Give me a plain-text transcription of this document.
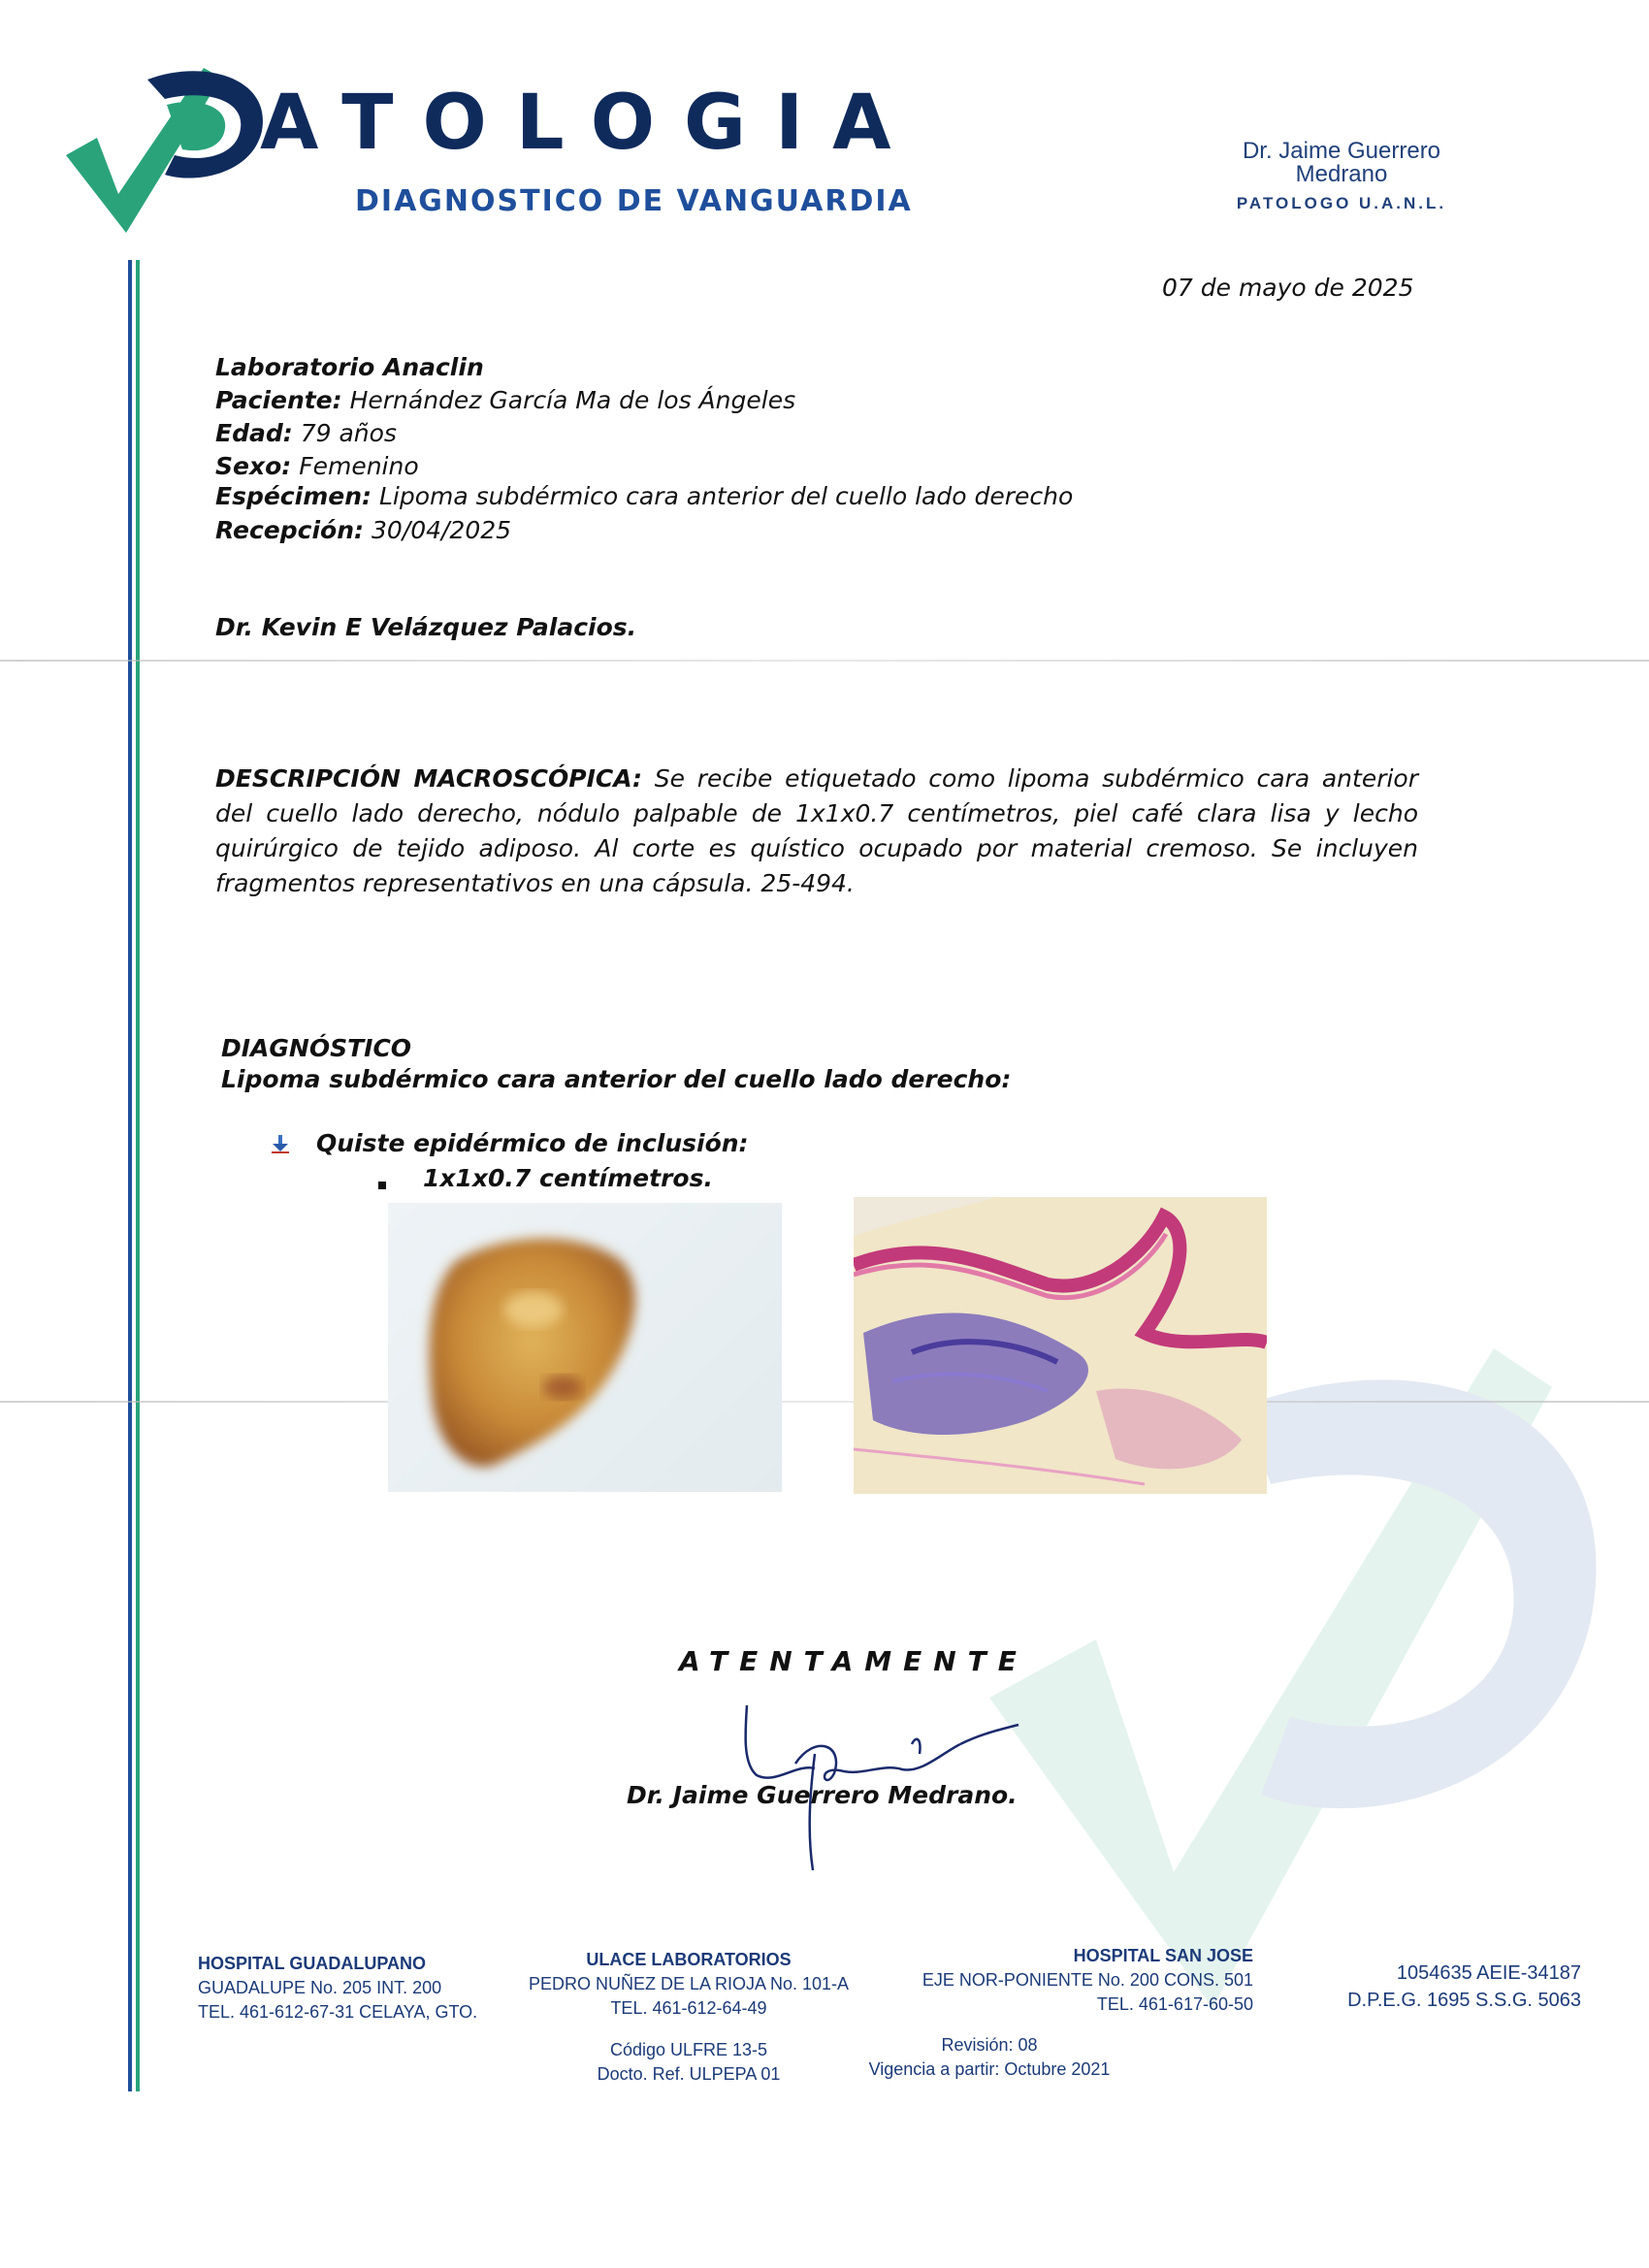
ATOLOGIA
DIAGNOSTICO DE VANGUARDIA
Dr. Jaime Guerrero
Medrano
PATOLOGO U.A.N.L.
07 de mayo de 2025
Laboratorio Anaclin
Paciente: Hernández García Ma de los Ángeles
Edad: 79 años
Sexo: Femenino
Espécimen: Lipoma subdérmico cara anterior del cuello lado derecho
Recepción: 30/04/2025
Dr. Kevin E Velázquez Palacios.
DESCRIPCIÓN MACROSCÓPICA: Se recibe etiquetado como lipoma subdérmico cara anterior del cuello lado derecho, nódulo palpable de 1x1x0.7 centímetros, piel café clara lisa y lecho quirúrgico de tejido adiposo. Al corte es quístico ocupado por material cremoso. Se incluyen fragmentos representativos en una cápsula. 25-494.
DIAGNÓSTICO
Lipoma subdérmico cara anterior del cuello lado derecho:
Quiste epidérmico de inclusión:
1x1x0.7 centímetros.
ATENTAMENTE
Dr. Jaime Guerrero Medrano.
HOSPITAL GUADALUPANO
GUADALUPE No. 205 INT. 200
TEL. 461-612-67-31 CELAYA, GTO.
ULACE LABORATORIOS
PEDRO NUÑEZ DE LA RIOJA No. 101-A
TEL. 461-612-64-49
Código ULFRE 13-5
Docto. Ref. ULPEPA 01
HOSPITAL SAN JOSE
EJE NOR-PONIENTE No. 200 CONS. 501
TEL. 461-617-60-50
Revisión: 08
Vigencia a partir: Octubre 2021
1054635 AEIE-34187
D.P.E.G. 1695 S.S.G. 5063
